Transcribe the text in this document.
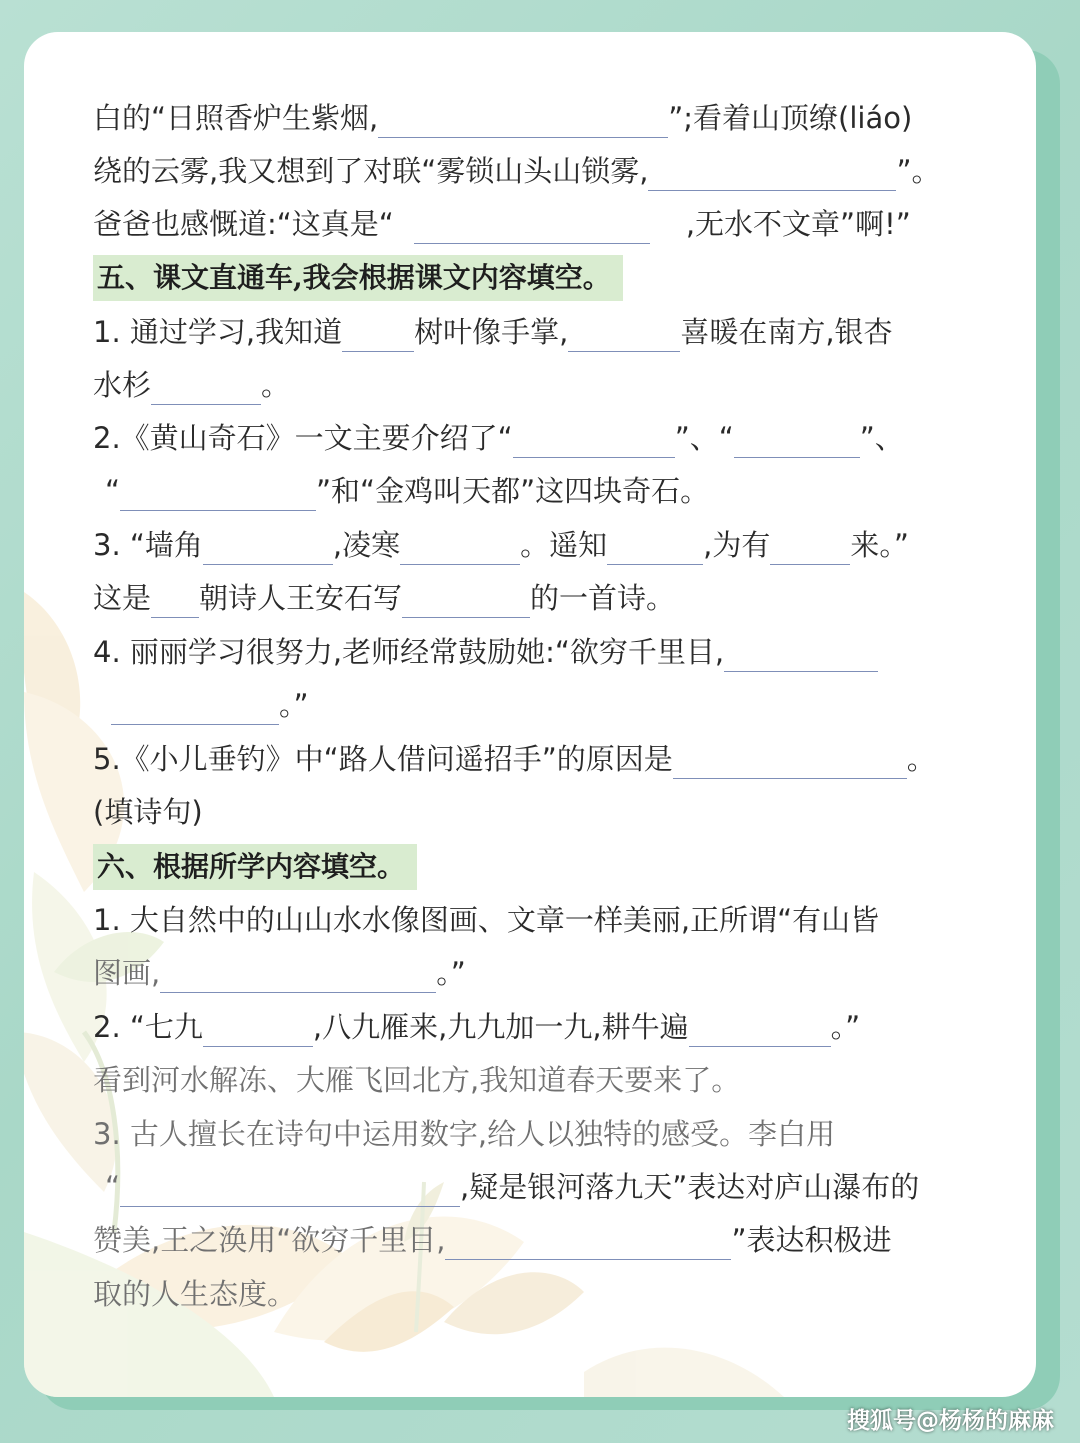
白的“日照香炉生紫烟,	”;看着山顶缭(liáo)
绕的云雾,我又想到了对联“雾锁山头山锁雾,	”。
爸爸也感慨道:“这真是“	,无水不文章”啊!”
五、课文直通车,我会根据课文内容填空。
1. 通过学习,我知道 树叶像手掌,	喜暖在南方,银杏
水杉	。
2.《黄山奇石》一文主要介绍了“	”、“	”、
“	”和“金鸡叫天都”这四块奇石。
3. “墙角	,凌寒	。遥知	,为有	来。”
这是 朝诗人王安石写	的一首诗。
4. 丽丽学习很努力,老师经常鼓励她:“欲穷千里目,
。”
5.《小儿垂钓》中“路人借问遥招手”的原因是	。
(填诗句)
六、根据所学内容填空。
1. 大自然中的山山水水像图画、文章一样美丽,正所谓“有山皆
图画,	。”
2. “七九	,八九雁来,九九加一九,耕牛遍	。”
看到河水解冻、大雁飞回北方,我知道春天要来了。
3. 古人擅长在诗句中运用数字,给人以独特的感受。李白用
“	,疑是银河落九天”表达对庐山瀑布的
赞美,王之涣用“欲穷千里目,	”表达积极进
取的人生态度。
搜狐号@杨杨的麻麻
